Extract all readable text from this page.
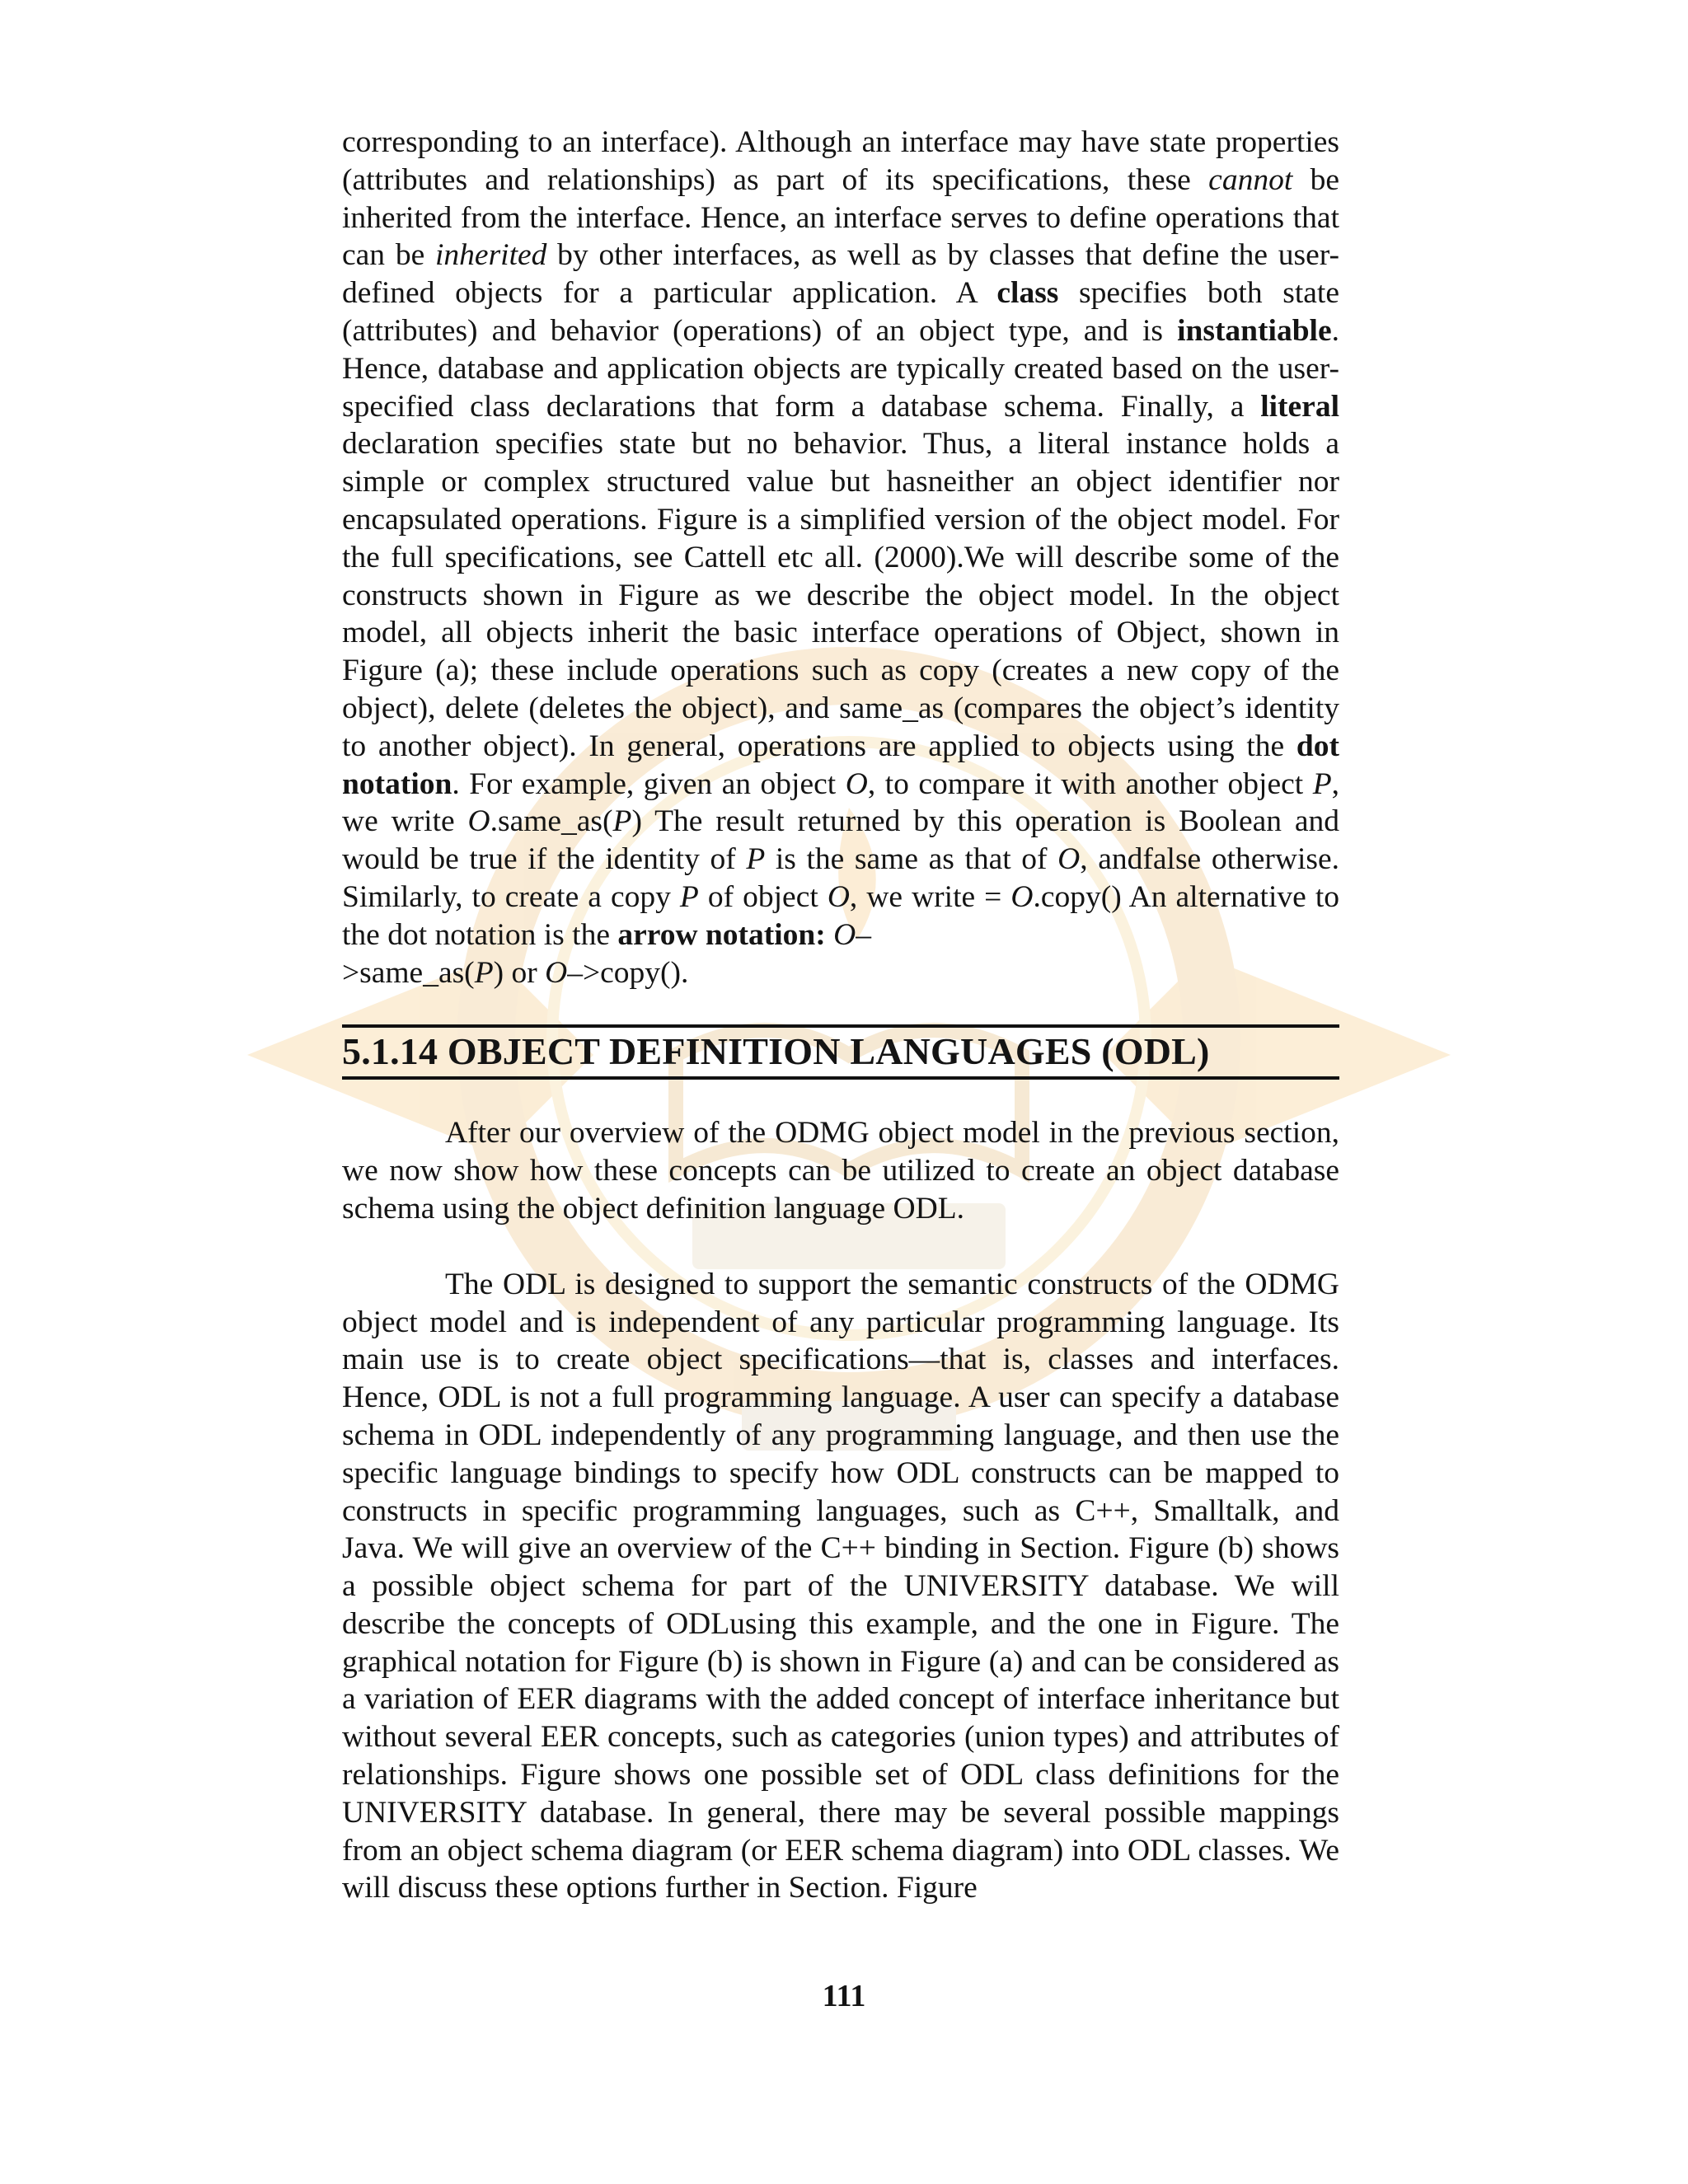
corresponding to an interface). Although an interface may have state properties (attributes and relationships) as part of its specifications, these cannot be inherited from the interface. Hence, an interface serves to define operations that can be inherited by other interfaces, as well as by classes that define the user-defined objects for a particular application. A class specifies both state (attributes) and behavior (operations) of an object type, and is instantiable. Hence, database and application objects are typically created based on the user-specified class declarations that form a database schema. Finally, a literal declaration specifies state but no behavior. Thus, a literal instance holds a simple or complex structured value but hasneither an object identifier nor encapsulated operations. Figure is a simplified version of the object model. For the full specifications, see Cattell etc all. (2000).We will describe some of the constructs shown in Figure as we describe the object model. In the object model, all objects inherit the basic interface operations of Object, shown in Figure (a); these include operations such as copy (creates a new copy of the object), delete (deletes the object), and same_as (compares the object’s identity to another object). In general, operations are applied to objects using the dot notation. For example, given an object O, to compare it with another object P, we write O.same_as(P) The result returned by this operation is Boolean and would be true if the identity of P is the same as that of O, andfalse otherwise. Similarly, to create a copy P of object O, we write = O.copy() An alternative to the dot notation is the arrow notation: O–

>same_as(P) or O–>copy().

5.1.14 OBJECT DEFINITION LANGUAGES (ODL)

After our overview of the ODMG object model in the previous section, we now show how these concepts can be utilized to create an object database schema using the object definition language ODL.

The ODL is designed to support the semantic constructs of the ODMG object model and is independent of any particular programming language. Its main use is to create object specifications—that is, classes and interfaces. Hence, ODL is not a full programming language. A user can specify a database schema in ODL independently of any programming language, and then use the specific language bindings to specify how ODL constructs can be mapped to constructs in specific programming languages, such as C++, Smalltalk, and Java. We will give an overview of the C++ binding in Section. Figure (b) shows a possible object schema for part of the UNIVERSITY database. We will describe the concepts of ODLusing this example, and the one in Figure. The graphical notation for Figure (b) is shown in Figure (a) and can be considered as a variation of EER diagrams with the added concept of interface inheritance but without several EER concepts, such as categories (union types) and attributes of relationships. Figure shows one possible set of ODL class definitions for the UNIVERSITY database. In general, there may be several possible mappings from an object schema diagram (or EER schema diagram) into ODL classes. We will discuss these options further in Section. Figure

111
